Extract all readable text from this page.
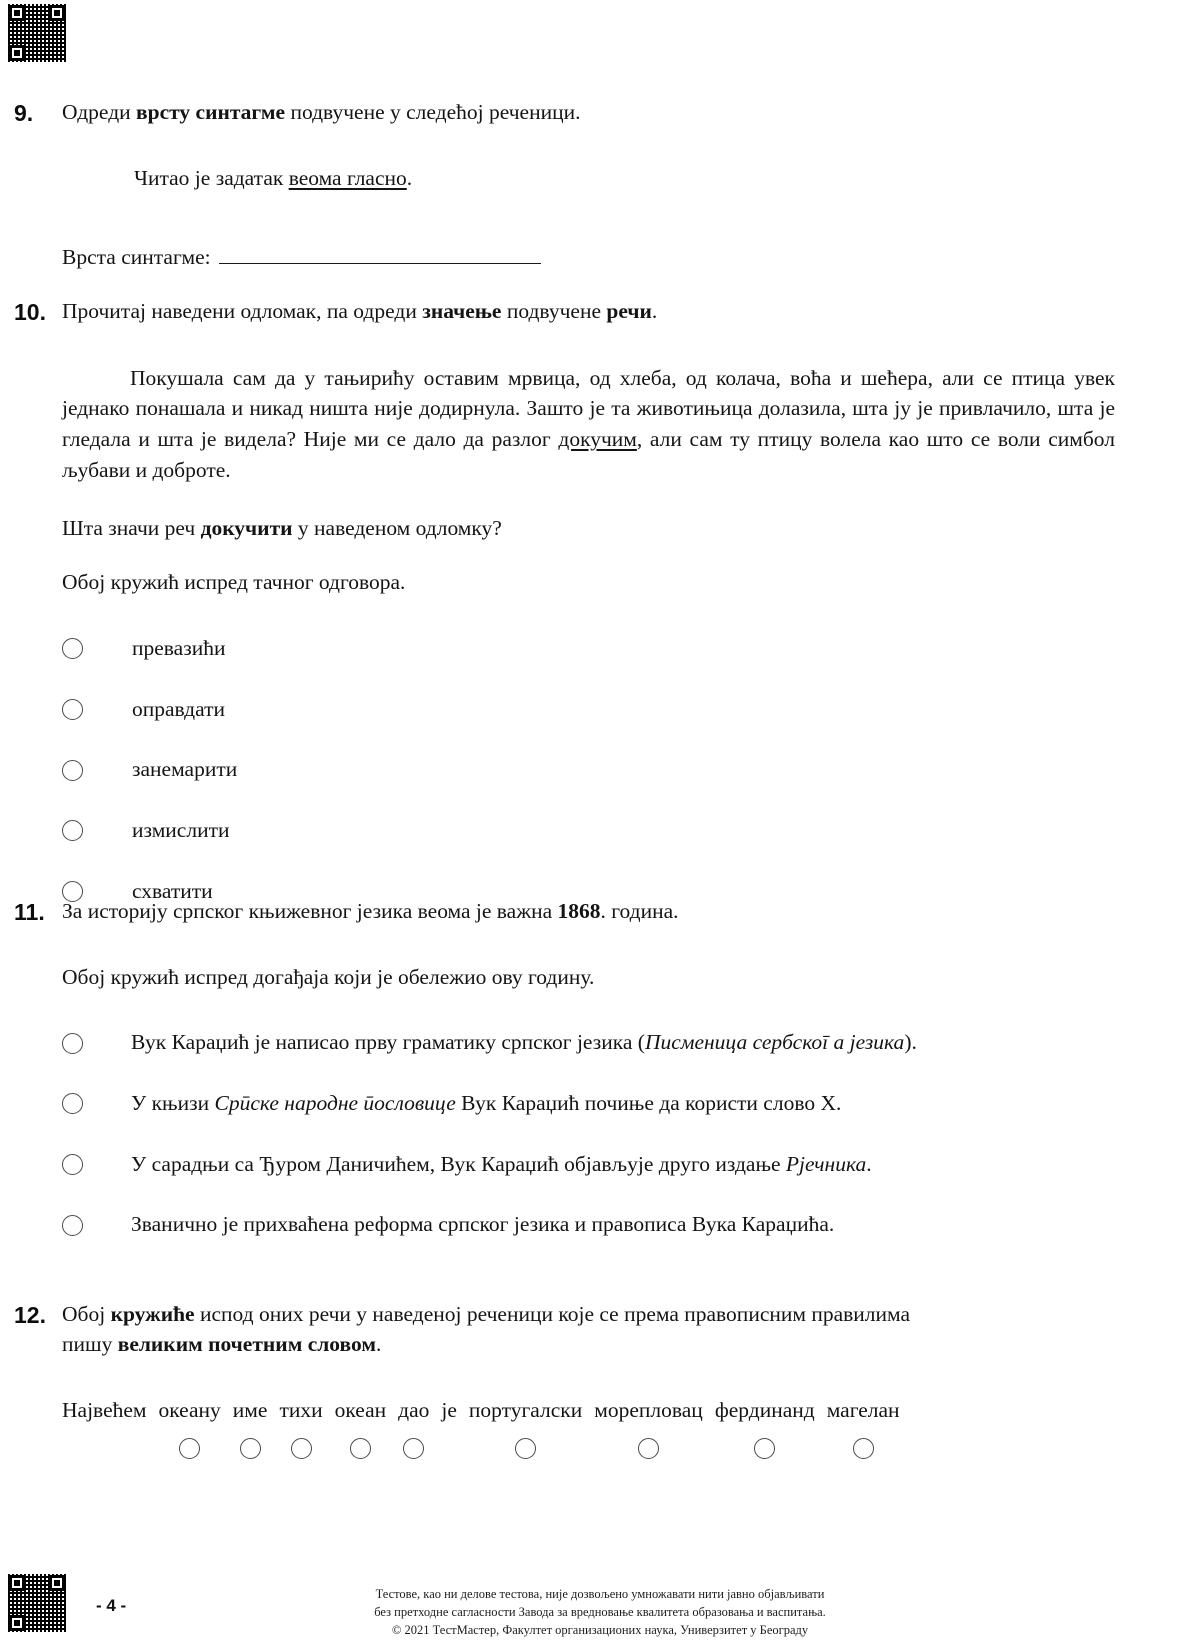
9.	Одреди врсту синтагме подвучене у следећој реченици.

Читао је задатак веома гласно.

Врста синтагме:
10. Прочитај наведени одломак, па одреди значење подвучене речи.

Покушала сам да у тањирићу оставим мрвица, од хлеба, од колача, воћа и шећера, али се птица увек једнако понашала и никад ништа није додирнула. Зашто је та животињица долазила, шта ју је привлачило, шта је гледала и шта је видела? Није ми се дало да разлог докучим, али сам ту птицу волела као што се воли симбол љубави и доброте.

Шта значи реч докучити у наведеном одломку?

Обој кружић испред тачног одговора.

превазићи
оправдати
занемарити
измислити
схватити
11. За историју српског књижевног језика веома је важна 1868. година.

Обој кружић испред догађаја који је обележио ову годину.

Вук Караџић је написао прву граматику српског језика (Писменица сербскоī а језика).
У књизи Срūске народне ūословице Вук Караџић почиње да користи слово Х.
У сарадњи са Ђуром Даничићем, Вук Караџић објављује друго издање Рјечника.
Званично је прихваћена реформа српског језика и правописа Вука Караџића.
12. Обој кружиће испод оних речи у наведеној реченици које се према правописним правилима пишу великим почетним словом.

Највећем океану име тихи океан дао је португалски морепловац фердинанд магелан
- 4 -
Тестове, као ни делове тестова, није дозвољено умножавати нити јавно објављивати
без претходне сагласности Завода за вредновање квалитета образовања и васпитања.
© 2021 ТестМастер, Факултет организационих наука, Универзитет у Београду
